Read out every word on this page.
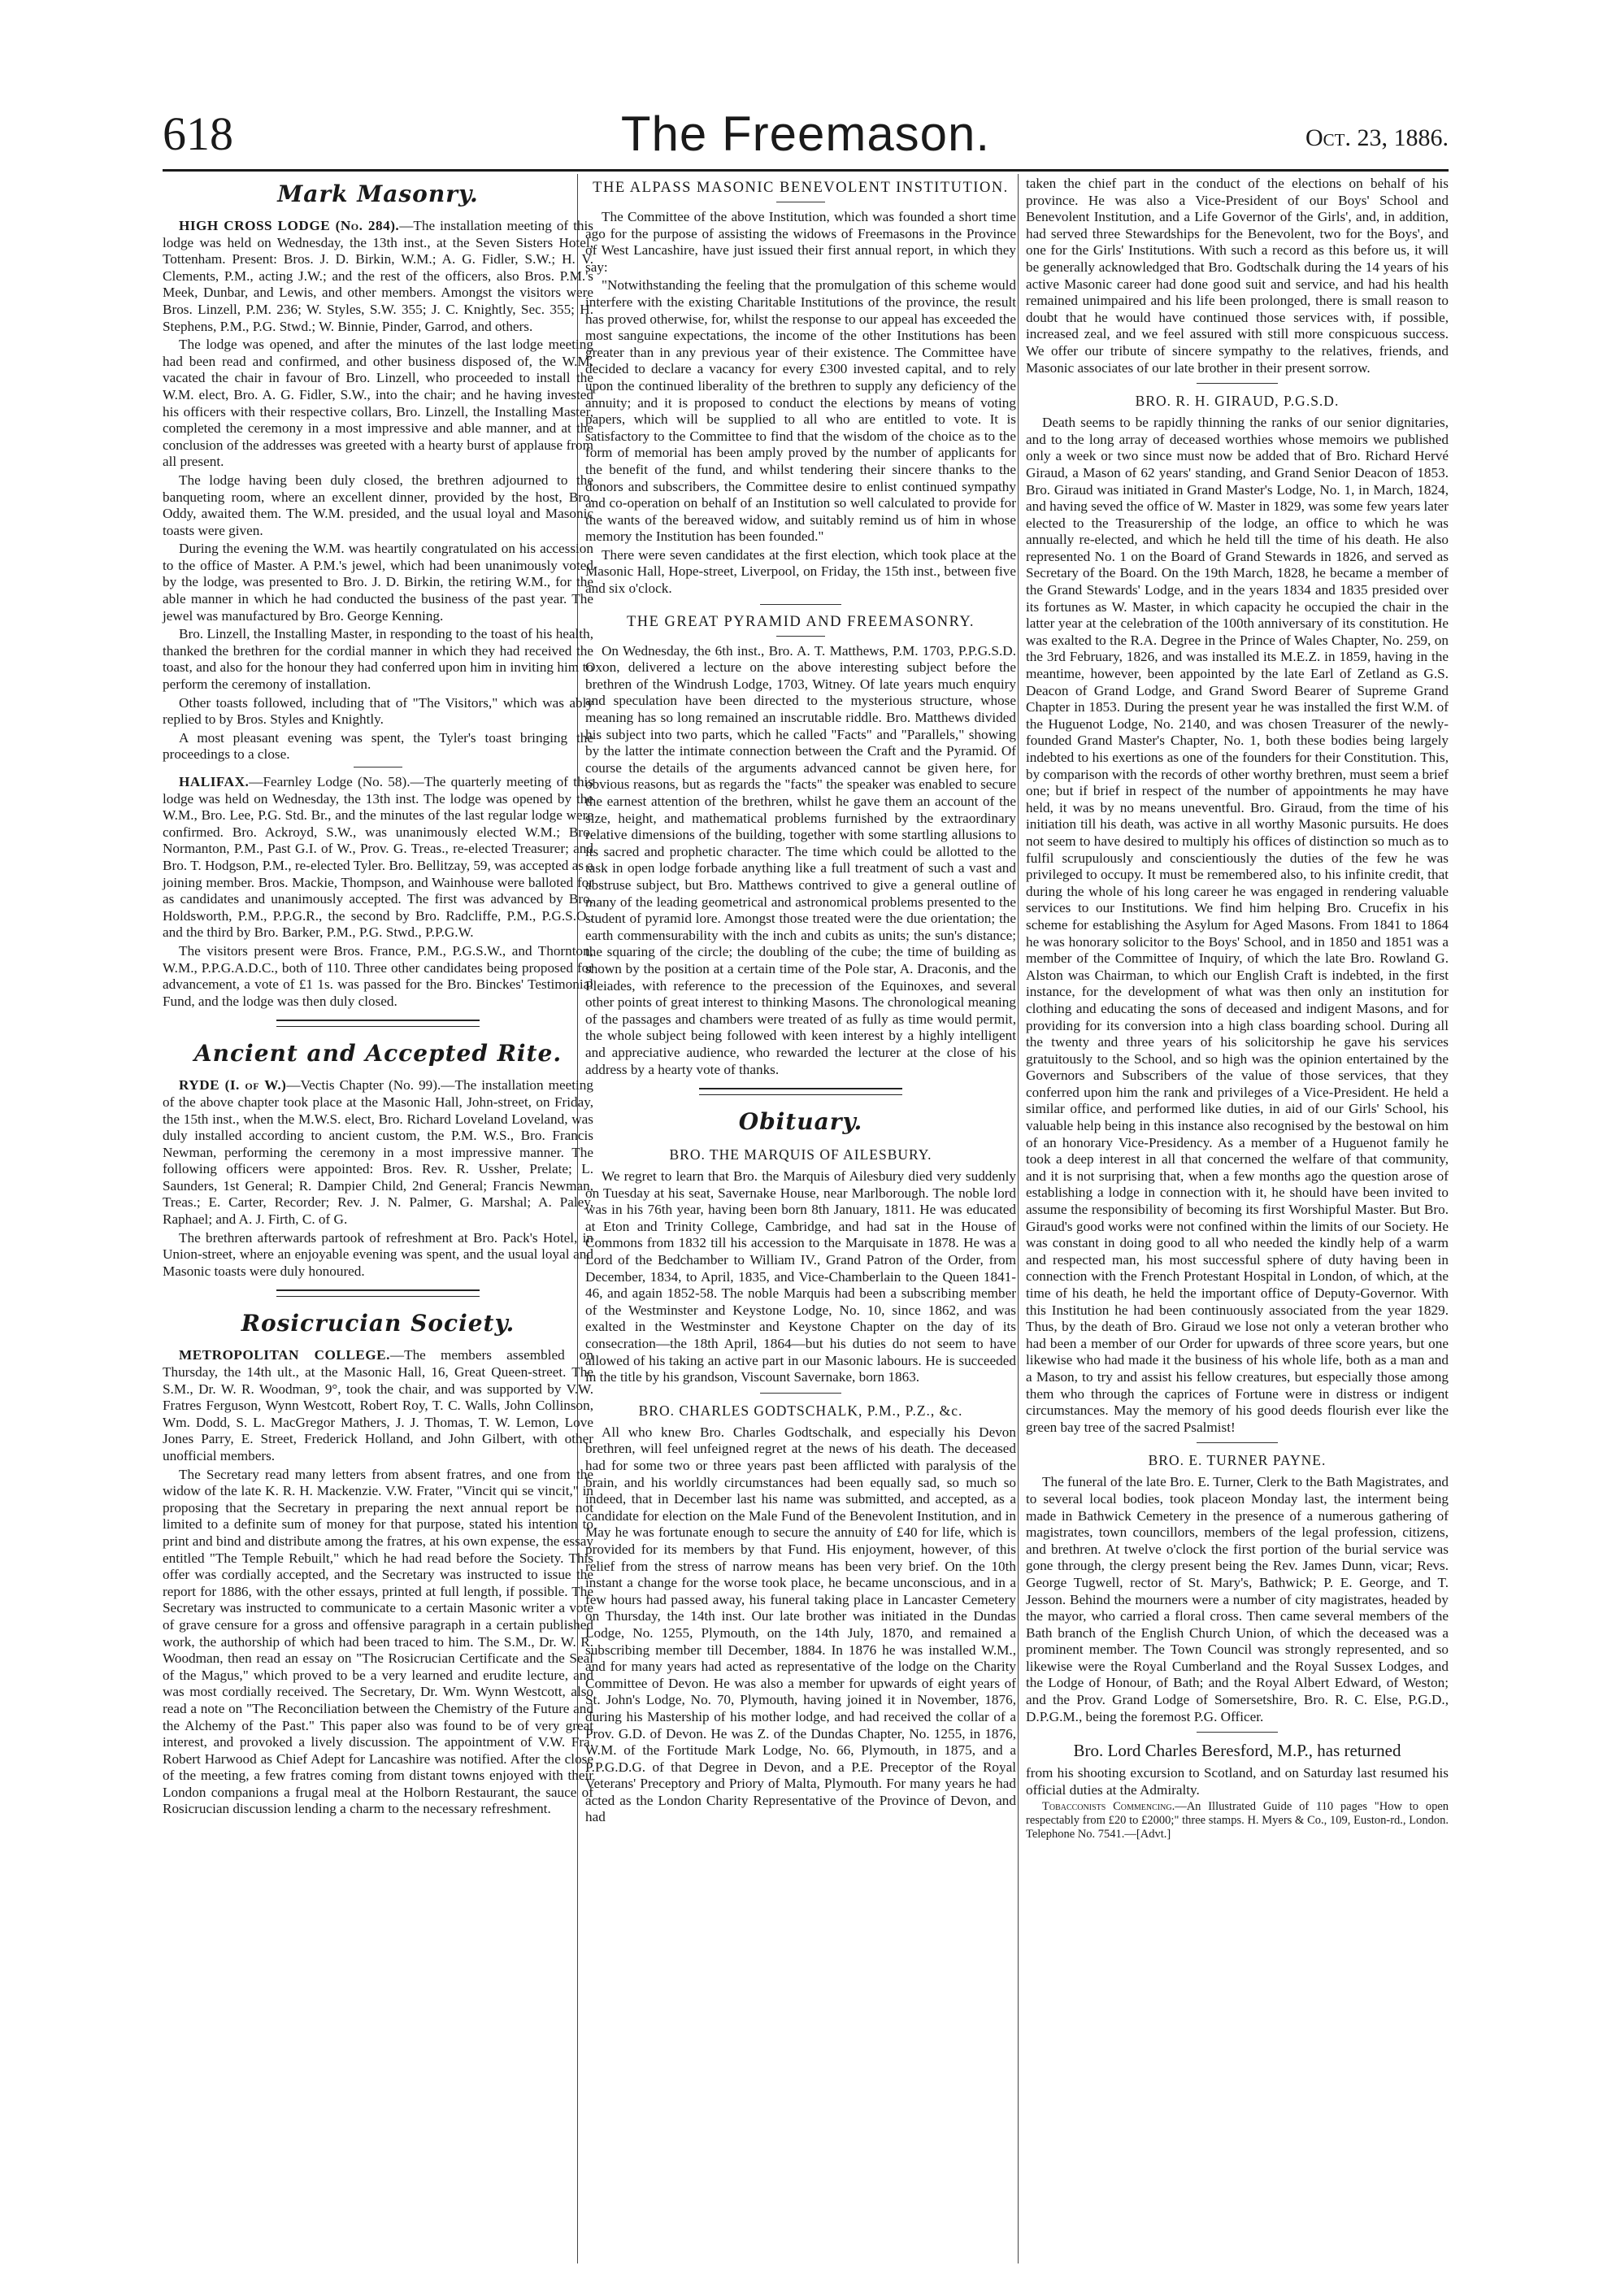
618	The Freemason.	Oct. 23, 1886.
Mark Masonry.

HIGH CROSS LODGE (No. 284).—The installation meeting of this lodge was held on Wednesday, the 13th inst., at the Seven Sisters Hotel, Tottenham. Present: Bros. J. D. Birkin, W.M.; A. G. Fidler, S.W.; H. V. Clements, P.M., acting J.W.; and the rest of the officers, also Bros. P.M.'s Meek, Dunbar, and Lewis, and other members. Amongst the visitors were Bros. Linzell, P.M. 236; W. Styles, S.W. 355; J. C. Knightly, Sec. 355; H. Stephens, P.M., P.G. Stwd.; W. Binnie, Pinder, Garrod, and others.

The lodge was opened, and after the minutes of the last lodge meeting had been read and confirmed, and other business disposed of, the W.M. vacated the chair in favour of Bro. Linzell, who proceeded to install the W.M. elect, Bro. A. G. Fidler, S.W., into the chair; and he having invested his officers with their respective collars, Bro. Linzell, the Installing Master, completed the ceremony in a most impressive and able manner, and at the conclusion of the addresses was greeted with a hearty burst of applause from all present.

The lodge having been duly closed, the brethren adjourned to the banqueting room, where an excellent dinner, provided by the host, Bro. Oddy, awaited them. The W.M. presided, and the usual loyal and Masonic toasts were given.

During the evening the W.M. was heartily congratulated on his accession to the office of Master. A P.M.'s jewel, which had been unanimously voted by the lodge, was presented to Bro. J. D. Birkin, the retiring W.M., for the able manner in which he had conducted the business of the past year. The jewel was manufactured by Bro. George Kenning.

Bro. Linzell, the Installing Master, in responding to the toast of his health, thanked the brethren for the cordial manner in which they had received the toast, and also for the honour they had conferred upon him in inviting him to perform the ceremony of installation.

Other toasts followed, including that of "The Visitors," which was ably replied to by Bros. Styles and Knightly.

A most pleasant evening was spent, the Tyler's toast bringing the proceedings to a close.

HALIFAX.—Fearnley Lodge (No. 58).—The quarterly meeting of this lodge was held on Wednesday, the 13th inst. The lodge was opened by the W.M., Bro. Lee, P.G. Std. Br., and the minutes of the last regular lodge were confirmed. Bro. Ackroyd, S.W., was unanimously elected W.M.; Bro. Normanton, P.M., Past G.I. of W., Prov. G. Treas., re-elected Treasurer; and Bro. T. Hodgson, P.M., re-elected Tyler. Bro. Bellitzay, 59, was accepted as a joining member. Bros. Mackie, Thompson, and Wainhouse were balloted for as candidates and unanimously accepted. The first was advanced by Bro. Holdsworth, P.M., P.P.G.R., the second by Bro. Radcliffe, P.M., P.G.S.O., and the third by Bro. Barker, P.M., P.G. Stwd., P.P.G.W.

The visitors present were Bros. France, P.M., P.G.S.W., and Thornton, W.M., P.P.G.A.D.C., both of 110. Three other candidates being proposed for advancement, a vote of £1 1s. was passed for the Bro. Binckes' Testimonial Fund, and the lodge was then duly closed.

Ancient and Accepted Rite.

RYDE (I. of W.)—Vectis Chapter (No. 99).—The installation meeting of the above chapter took place at the Masonic Hall, John-street, on Friday, the 15th inst., when the M.W.S. elect, Bro. Richard Loveland Loveland, was duly installed according to ancient custom, the P.M. W.S., Bro. Francis Newman, performing the ceremony in a most impressive manner. The following officers were appointed: Bros. Rev. R. Ussher, Prelate; L. Saunders, 1st General; R. Dampier Child, 2nd General; Francis Newman, Treas.; E. Carter, Recorder; Rev. J. N. Palmer, G. Marshal; A. Paley, Raphael; and A. J. Firth, C. of G.

The brethren afterwards partook of refreshment at Bro. Pack's Hotel, in Union-street, where an enjoyable evening was spent, and the usual loyal and Masonic toasts were duly honoured.

Rosicrucian Society.

METROPOLITAN COLLEGE.—The members assembled on Thursday, the 14th ult., at the Masonic Hall, 16, Great Queen-street. The S.M., Dr. W. R. Woodman, 9°, took the chair, and was supported by V.W. Fratres Ferguson, Wynn Westcott, Robert Roy, T. C. Walls, John Collinson, Wm. Dodd, S. L. MacGregor Mathers, J. J. Thomas, T. W. Lemon, Love Jones Parry, E. Street, Frederick Holland, and John Gilbert, with other unofficial members.

The Secretary read many letters from absent fratres, and one from the widow of the late K. R. H. Mackenzie. V.W. Frater, "Vincit qui se vincit," in proposing that the Secretary in preparing the next annual report be not limited to a definite sum of money for that purpose, stated his intention to print and bind and distribute among the fratres, at his own expense, the essay entitled "The Temple Rebuilt," which he had read before the Society. This offer was cordially accepted, and the Secretary was instructed to issue the report for 1886, with the other essays, printed at full length, if possible. The Secretary was instructed to communicate to a certain Masonic writer a vote of grave censure for a gross and offensive paragraph in a certain published work, the authorship of which had been traced to him. The S.M., Dr. W. R. Woodman, then read an essay on "The Rosicrucian Certificate and the Seal of the Magus," which proved to be a very learned and erudite lecture, and was most cordially received. The Secretary, Dr. Wm. Wynn Westcott, also read a note on "The Reconciliation between the Chemistry of the Future and the Alchemy of the Past." This paper also was found to be of very great interest, and provoked a lively discussion. The appointment of V.W. Fra. Robert Harwood as Chief Adept for Lancashire was notified. After the close of the meeting, a few fratres coming from distant towns enjoyed with their London companions a frugal meal at the Holborn Restaurant, the sauce of Rosicrucian discussion lending a charm to the necessary refreshment.

THE ALPASS MASONIC BENEVOLENT INSTITUTION.

The Committee of the above Institution, which was founded a short time ago for the purpose of assisting the widows of Freemasons in the Province of West Lancashire, have just issued their first annual report, in which they say:

"Notwithstanding the feeling that the promulgation of this scheme would interfere with the existing Charitable Institutions of the province, the result has proved otherwise, for, whilst the response to our appeal has exceeded the most sanguine expectations, the income of the other Institutions has been greater than in any previous year of their existence. The Committee have decided to declare a vacancy for every £300 invested capital, and to rely upon the continued liberality of the brethren to supply any deficiency of the annuity; and it is proposed to conduct the elections by means of voting papers, which will be supplied to all who are entitled to vote. It is satisfactory to the Committee to find that the wisdom of the choice as to the form of memorial has been amply proved by the number of applicants for the benefit of the fund, and whilst tendering their sincere thanks to the donors and subscribers, the Committee desire to enlist continued sympathy and co-operation on behalf of an Institution so well calculated to provide for the wants of the bereaved widow, and suitably remind us of him in whose memory the Institution has been founded."

There were seven candidates at the first election, which took place at the Masonic Hall, Hope-street, Liverpool, on Friday, the 15th inst., between five and six o'clock.

THE GREAT PYRAMID AND FREEMASONRY.

On Wednesday, the 6th inst., Bro. A. T. Matthews, P.M. 1703, P.P.G.S.D. Oxon, delivered a lecture on the above interesting subject before the brethren of the Windrush Lodge, 1703, Witney. Of late years much enquiry and speculation have been directed to the mysterious structure, whose meaning has so long remained an inscrutable riddle. Bro. Matthews divided his subject into two parts, which he called "Facts" and "Parallels," showing by the latter the intimate connection between the Craft and the Pyramid. Of course the details of the arguments advanced cannot be given here, for obvious reasons, but as regards the "facts" the speaker was enabled to secure the earnest attention of the brethren, whilst he gave them an account of the size, height, and mathematical problems furnished by the extraordinary relative dimensions of the building, together with some startling allusions to its sacred and prophetic character. The time which could be allotted to the task in open lodge forbade anything like a full treatment of such a vast and abstruse subject, but Bro. Matthews contrived to give a general outline of many of the leading geometrical and astronomical problems presented to the student of pyramid lore. Amongst those treated were the due orientation; the earth commensurability with the inch and cubits as units; the sun's distance; the squaring of the circle; the doubling of the cube; the time of building as shown by the position at a certain time of the Pole star, A. Draconis, and the Pleiades, with reference to the precession of the Equinoxes, and several other points of great interest to thinking Masons. The chronological meaning of the passages and chambers were treated of as fully as time would permit, the whole subject being followed with keen interest by a highly intelligent and appreciative audience, who rewarded the lecturer at the close of his address by a hearty vote of thanks.

Obituary.
BRO. THE MARQUIS OF AILESBURY.

We regret to learn that Bro. the Marquis of Ailesbury died very suddenly on Tuesday at his seat, Savernake House, near Marlborough. The noble lord was in his 76th year, having been born 8th January, 1811. He was educated at Eton and Trinity College, Cambridge, and had sat in the House of Commons from 1832 till his accession to the Marquisate in 1878. He was a Lord of the Bedchamber to William IV., Grand Patron of the Order, from December, 1834, to April, 1835, and Vice-Chamberlain to the Queen 1841-46, and again 1852-58. The noble Marquis had been a subscribing member of the Westminster and Keystone Lodge, No. 10, since 1862, and was exalted in the Westminster and Keystone Chapter on the day of its consecration—the 18th April, 1864—but his duties do not seem to have allowed of his taking an active part in our Masonic labours. He is succeeded in the title by his grandson, Viscount Savernake, born 1863.

BRO. CHARLES GODTSCHALK, P.M., P.Z., &c.

All who knew Bro. Charles Godtschalk, and especially his Devon brethren, will feel unfeigned regret at the news of his death. The deceased had for some two or three years past been afflicted with paralysis of the brain, and his worldly circumstances had been equally sad, so much so indeed, that in December last his name was submitted, and accepted, as a candidate for election on the Male Fund of the Benevolent Institution, and in May he was fortunate enough to secure the annuity of £40 for life, which is provided for its members by that Fund. His enjoyment, however, of this relief from the stress of narrow means has been very brief. On the 10th instant a change for the worse took place, he became unconscious, and in a few hours had passed away, his funeral taking place in Lancaster Cemetery on Thursday, the 14th inst. Our late brother was initiated in the Dundas Lodge, No. 1255, Plymouth, on the 14th July, 1870, and remained a subscribing member till December, 1884. In 1876 he was installed W.M., and for many years had acted as representative of the lodge on the Charity Committee of Devon. He was also a member for upwards of eight years of St. John's Lodge, No. 70, Plymouth, having joined it in November, 1876, during his Mastership of his mother lodge, and had received the collar of a Prov. G.D. of Devon. He was Z. of the Dundas Chapter, No. 1255, in 1876, W.M. of the Fortitude Mark Lodge, No. 66, Plymouth, in 1875, and a P.P.G.D.G. of that Degree in Devon, and a P.E. Preceptor of the Royal Veterans' Preceptory and Priory of Malta, Plymouth. For many years he had acted as the London Charity Representative of the Province of Devon, and had

taken the chief part in the conduct of the elections on behalf of his province. He was also a Vice-President of our Boys' School and Benevolent Institution, and a Life Governor of the Girls', and, in addition, had served three Stewardships for the Benevolent, two for the Boys', and one for the Girls' Institutions. With such a record as this before us, it will be generally acknowledged that Bro. Godtschalk during the 14 years of his active Masonic career had done good suit and service, and had his health remained unimpaired and his life been prolonged, there is small reason to doubt that he would have continued those services with, if possible, increased zeal, and we feel assured with still more conspicuous success. We offer our tribute of sincere sympathy to the relatives, friends, and Masonic associates of our late brother in their present sorrow.

BRO. R. H. GIRAUD, P.G.S.D.

Death seems to be rapidly thinning the ranks of our senior dignitaries, and to the long array of deceased worthies whose memoirs we published only a week or two since must now be added that of Bro. Richard Hervé Giraud, a Mason of 62 years' standing, and Grand Senior Deacon of 1853. Bro. Giraud was initiated in Grand Master's Lodge, No. 1, in March, 1824, and having seved the office of W. Master in 1829, was some few years later elected to the Treasurership of the lodge, an office to which he was annually re-elected, and which he held till the time of his death. He also represented No. 1 on the Board of Grand Stewards in 1826, and served as Secretary of the Board. On the 19th March, 1828, he became a member of the Grand Stewards' Lodge, and in the years 1834 and 1835 presided over its fortunes as W. Master, in which capacity he occupied the chair in the latter year at the celebration of the 100th anniversary of its constitution. He was exalted to the R.A. Degree in the Prince of Wales Chapter, No. 259, on the 3rd February, 1826, and was installed its M.E.Z. in 1859, having in the meantime, however, been appointed by the late Earl of Zetland as G.S. Deacon of Grand Lodge, and Grand Sword Bearer of Supreme Grand Chapter in 1853. During the present year he was installed the first W.M. of the Huguenot Lodge, No. 2140, and was chosen Treasurer of the newly-founded Grand Master's Chapter, No. 1, both these bodies being largely indebted to his exertions as one of the founders for their Constitution. This, by comparison with the records of other worthy brethren, must seem a brief one; but if brief in respect of the number of appointments he may have held, it was by no means uneventful. Bro. Giraud, from the time of his initiation till his death, was active in all worthy Masonic pursuits. He does not seem to have desired to multiply his offices of distinction so much as to fulfil scrupulously and conscientiously the duties of the few he was privileged to occupy. It must be remembered also, to his infinite credit, that during the whole of his long career he was engaged in rendering valuable services to our Institutions. We find him helping Bro. Crucefix in his scheme for establishing the Asylum for Aged Masons. From 1841 to 1864 he was honorary solicitor to the Boys' School, and in 1850 and 1851 was a member of the Committee of Inquiry, of which the late Bro. Rowland G. Alston was Chairman, to which our English Craft is indebted, in the first instance, for the development of what was then only an institution for clothing and educating the sons of deceased and indigent Masons, and for providing for its conversion into a high class boarding school. During all the twenty and three years of his solicitorship he gave his services gratuitously to the School, and so high was the opinion entertained by the Governors and Subscribers of the value of those services, that they conferred upon him the rank and privileges of a Vice-President. He held a similar office, and performed like duties, in aid of our Girls' School, his valuable help being in this instance also recognised by the bestowal on him of an honorary Vice-Presidency. As a member of a Huguenot family he took a deep interest in all that concerned the welfare of that community, and it is not surprising that, when a few months ago the question arose of establishing a lodge in connection with it, he should have been invited to assume the responsibility of becoming its first Worshipful Master. But Bro. Giraud's good works were not confined within the limits of our Society. He was constant in doing good to all who needed the kindly help of a warm and respected man, his most successful sphere of duty having been in connection with the French Protestant Hospital in London, of which, at the time of his death, he held the important office of Deputy-Governor. With this Institution he had been continuously associated from the year 1829. Thus, by the death of Bro. Giraud we lose not only a veteran brother who had been a member of our Order for upwards of three score years, but one likewise who had made it the business of his whole life, both as a man and a Mason, to try and assist his fellow creatures, but especially those among them who through the caprices of Fortune were in distress or indigent circumstances. May the memory of his good deeds flourish ever like the green bay tree of the sacred Psalmist!

BRO. E. TURNER PAYNE.

The funeral of the late Bro. E. Turner, Clerk to the Bath Magistrates, and to several local bodies, took placeon Monday last, the interment being made in Bathwick Cemetery in the presence of a numerous gathering of magistrates, town councillors, members of the legal profession, citizens, and brethren. At twelve o'clock the first portion of the burial service was gone through, the clergy present being the Rev. James Dunn, vicar; Revs. George Tugwell, rector of St. Mary's, Bathwick; P. E. George, and T. Jesson. Behind the mourners were a number of city magistrates, headed by the mayor, who carried a floral cross. Then came several members of the Bath branch of the English Church Union, of which the deceased was a prominent member. The Town Council was strongly represented, and so likewise were the Royal Cumberland and the Royal Sussex Lodges, and the Lodge of Honour, of Bath; and the Royal Albert Edward, of Weston; and the Prov. Grand Lodge of Somersetshire, Bro. R. C. Else, P.G.D., D.P.G.M., being the foremost P.G. Officer.

Bro. Lord Charles Beresford, M.P., has returned

from his shooting excursion to Scotland, and on Saturday last resumed his official duties at the Admiralty.

Tobacconists Commencing.—An Illustrated Guide of 110 pages "How to open respectably from £20 to £2000;" three stamps. H. Myers & Co., 109, Euston-rd., London. Telephone No. 7541.—[Advt.]
